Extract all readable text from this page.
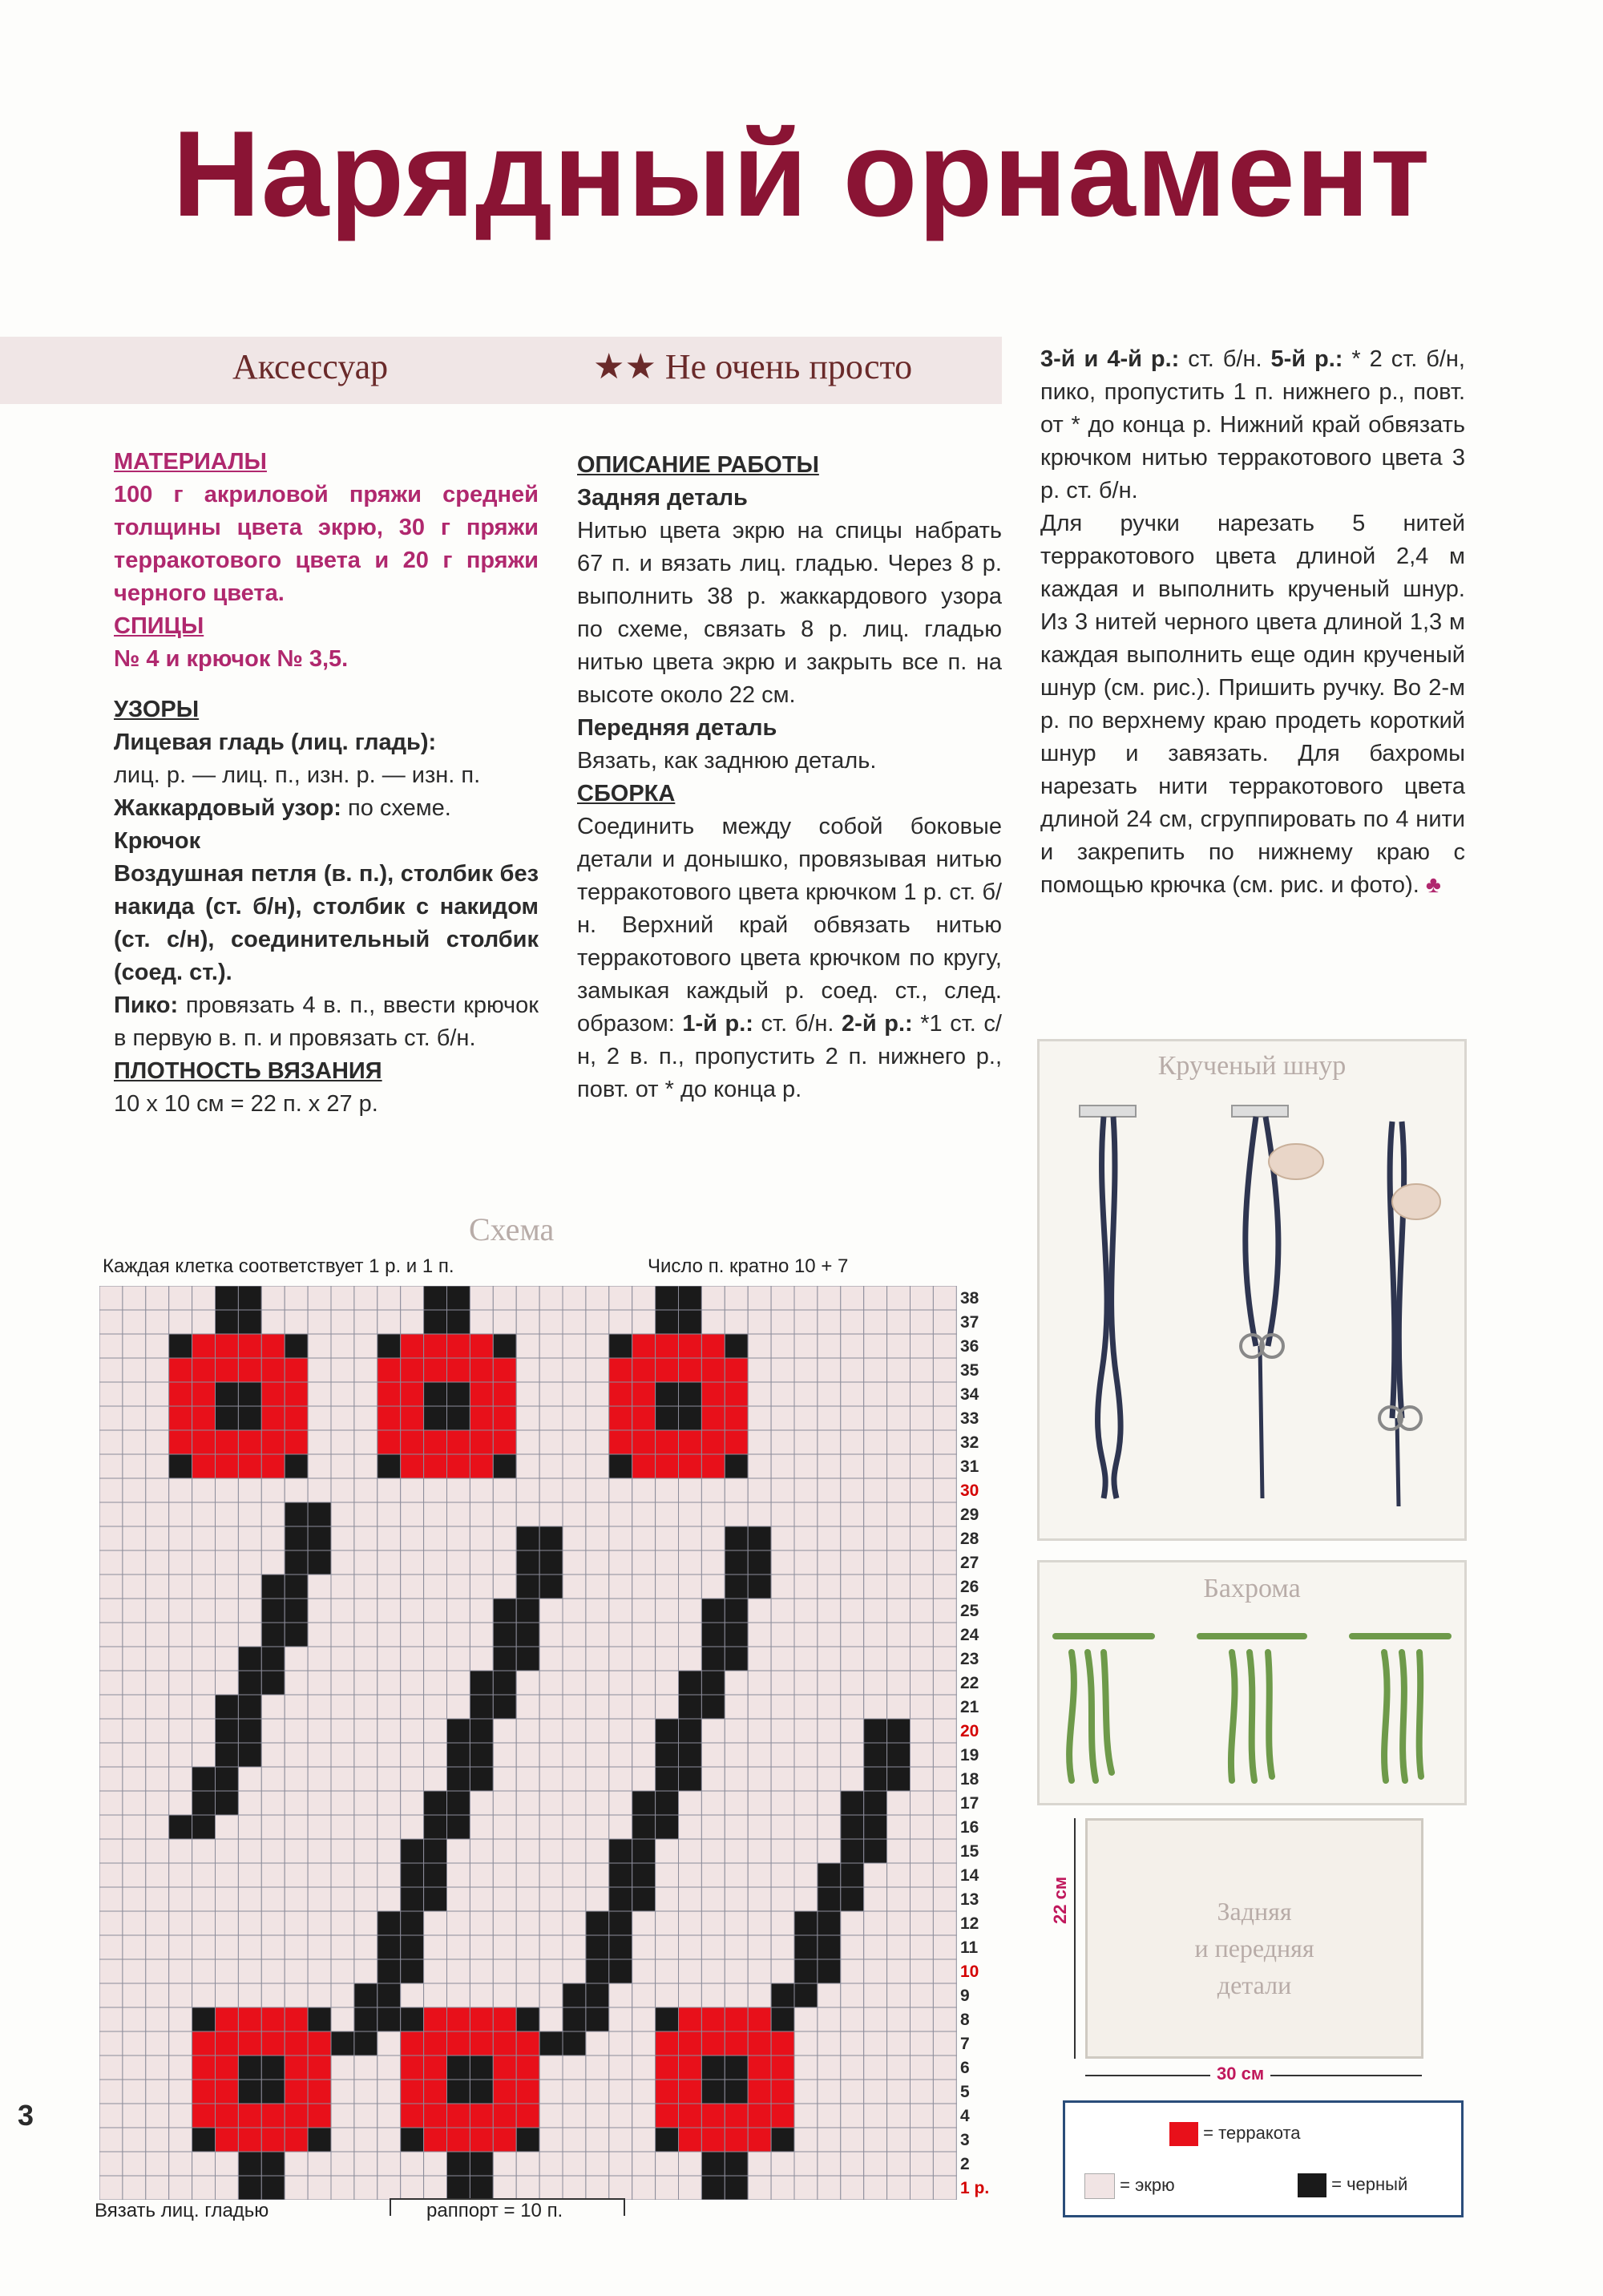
Нарядный орнамент
Аксессуар	★★ Не очень просто

МАТЕРИАЛЫ

100 г акриловой пряжи средней толщины цвета экрю, 30 г пряжи терракотового цвета и 20 г пряжи черного цвета.

СПИЦЫ

№ 4 и крючок № 3,5.

УЗОРЫ

Лицевая гладь (лиц. гладь):

лиц. р. — лиц. п., изн. р. — изн. п.

Жаккардовый узор: по схеме.

Крючок

Воздушная петля (в. п.), столбик без накида (ст. б/н), столбик с накидом (ст. с/н), соединительный столбик (соед. ст.).

Пико: провязать 4 в. п., ввести крючок в первую в. п. и провязать ст. б/н.

ПЛОТНОСТЬ ВЯЗАНИЯ

10 х 10 см = 22 п. х 27 р.

ОПИСАНИЕ РАБОТЫ

Задняя деталь

Нитью цвета экрю на спицы набрать 67 п. и вязать лиц. гладью. Через 8 р. выполнить 38 р. жаккардового узора по схеме, связать 8 р. лиц. гладью нитью цвета экрю и закрыть все п. на высоте около 22 см.

Передняя деталь

Вязать, как заднюю деталь.

СБОРКА

Соединить между собой боковые детали и донышко, провязывая нитью терракотового цвета крючком 1 р. ст. б/н. Верхний край обвязать нитью терракотового цвета крючком по кругу, замыкая каждый р. соед. ст., след. образом: 1-й р.: ст. б/н. 2-й р.: *1 ст. с/н, 2 в. п., пропустить 2 п. нижнего р., повт. от * до конца р.

3-й и 4-й р.: ст. б/н. 5-й р.: * 2 ст. б/н, пико, пропустить 1 п. нижнего р., повт. от * до конца р. Нижний край обвязать крючком нитью терракотового цвета 3 р. ст. б/н.

Для ручки нарезать 5 нитей терракотового цвета длиной 2,4 м каждая и выполнить крученый шнур. Из 3 нитей черного цвета длиной 1,3 м каждая выполнить еще один крученый шнур (см. рис.). Пришить ручку. Во 2-м р. по верхнему краю продеть короткий шнур и завязать. Для бахромы нарезать нити терракотового цвета длиной 24 см, сгруппировать по 4 нити и закрепить по нижнему краю с помощью крючка (см. рис. и фото). ♣

Схема
Каждая клетка соответствует 1 р. и 1 п.	Число п. кратно 10 + 7
1 р.
2
3
4
5
6
7
8
9
10
11
12
13
14
15
16
17
18
19
20
21
22
23
24
25
26
27
28
29
30
31
32
33
34
35
36
37
38
Вязать лиц. гладью	раппорт = 10 п.
Крученый шнур
Бахрома
Задняя
и передняя
детали
22 см
30 см
= терракота
= экрю	= черный
3
